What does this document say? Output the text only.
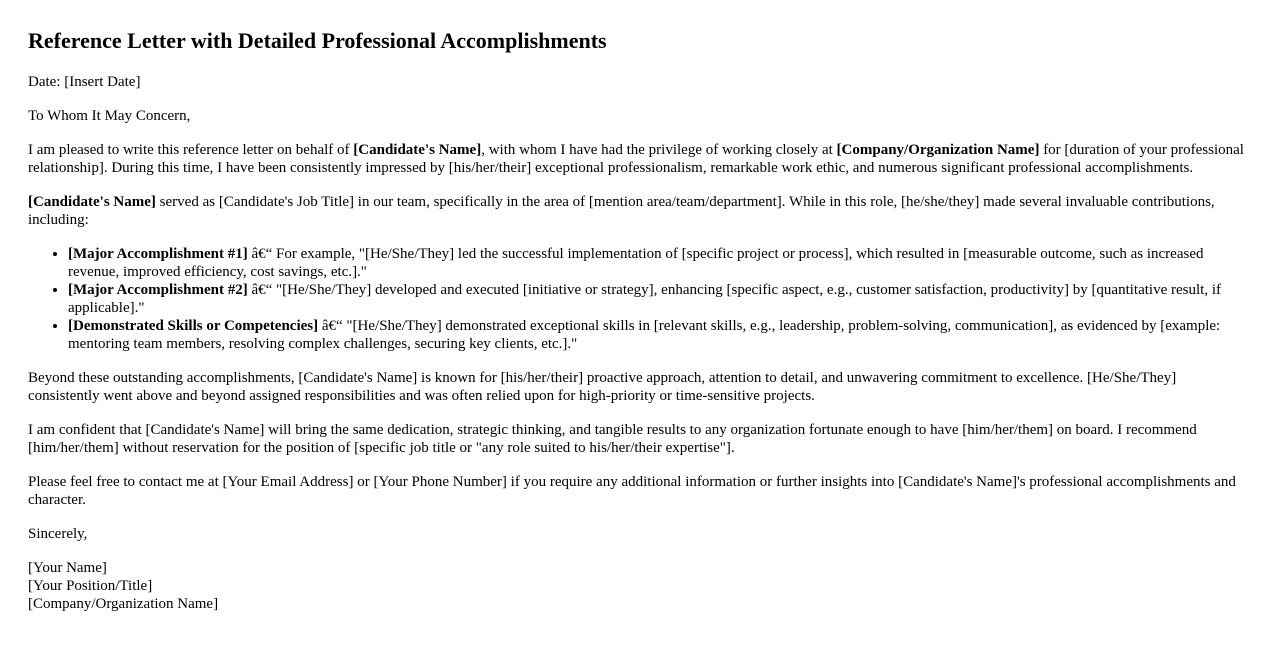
Reference Letter with Detailed Professional Accomplishments

Date: [Insert Date]

To Whom It May Concern,

I am pleased to write this reference letter on behalf of [Candidate's Name], with whom I have had the privilege of working closely at [Company/Organization Name] for [duration of your professional relationship]. During this time, I have been consistently impressed by [his/her/their] exceptional professionalism, remarkable work ethic, and numerous significant professional accomplishments.

[Candidate's Name] served as [Candidate's Job Title] in our team, specifically in the area of [mention area/team/department]. While in this role, [he/she/they] made several invaluable contributions, including:

• [Major Accomplishment #1] â€“ For example, "[He/She/They] led the successful implementation of [specific project or process], which resulted in [measurable outcome, such as increased revenue, improved efficiency, cost savings, etc.]."
• [Major Accomplishment #2] â€“ "[He/She/They] developed and executed [initiative or strategy], enhancing [specific aspect, e.g., customer satisfaction, productivity] by [quantitative result, if applicable]."
• [Demonstrated Skills or Competencies] â€“ "[He/She/They] demonstrated exceptional skills in [relevant skills, e.g., leadership, problem-solving, communication], as evidenced by [example: mentoring team members, resolving complex challenges, securing key clients, etc.]."

Beyond these outstanding accomplishments, [Candidate's Name] is known for [his/her/their] proactive approach, attention to detail, and unwavering commitment to excellence. [He/She/They] consistently went above and beyond assigned responsibilities and was often relied upon for high-priority or time-sensitive projects.

I am confident that [Candidate's Name] will bring the same dedication, strategic thinking, and tangible results to any organization fortunate enough to have [him/her/them] on board. I recommend [him/her/them] without reservation for the position of [specific job title or "any role suited to his/her/their expertise"].

Please feel free to contact me at [Your Email Address] or [Your Phone Number] if you require any additional information or further insights into [Candidate's Name]'s professional accomplishments and character.

Sincerely,

[Your Name]
[Your Position/Title]
[Company/Organization Name]
